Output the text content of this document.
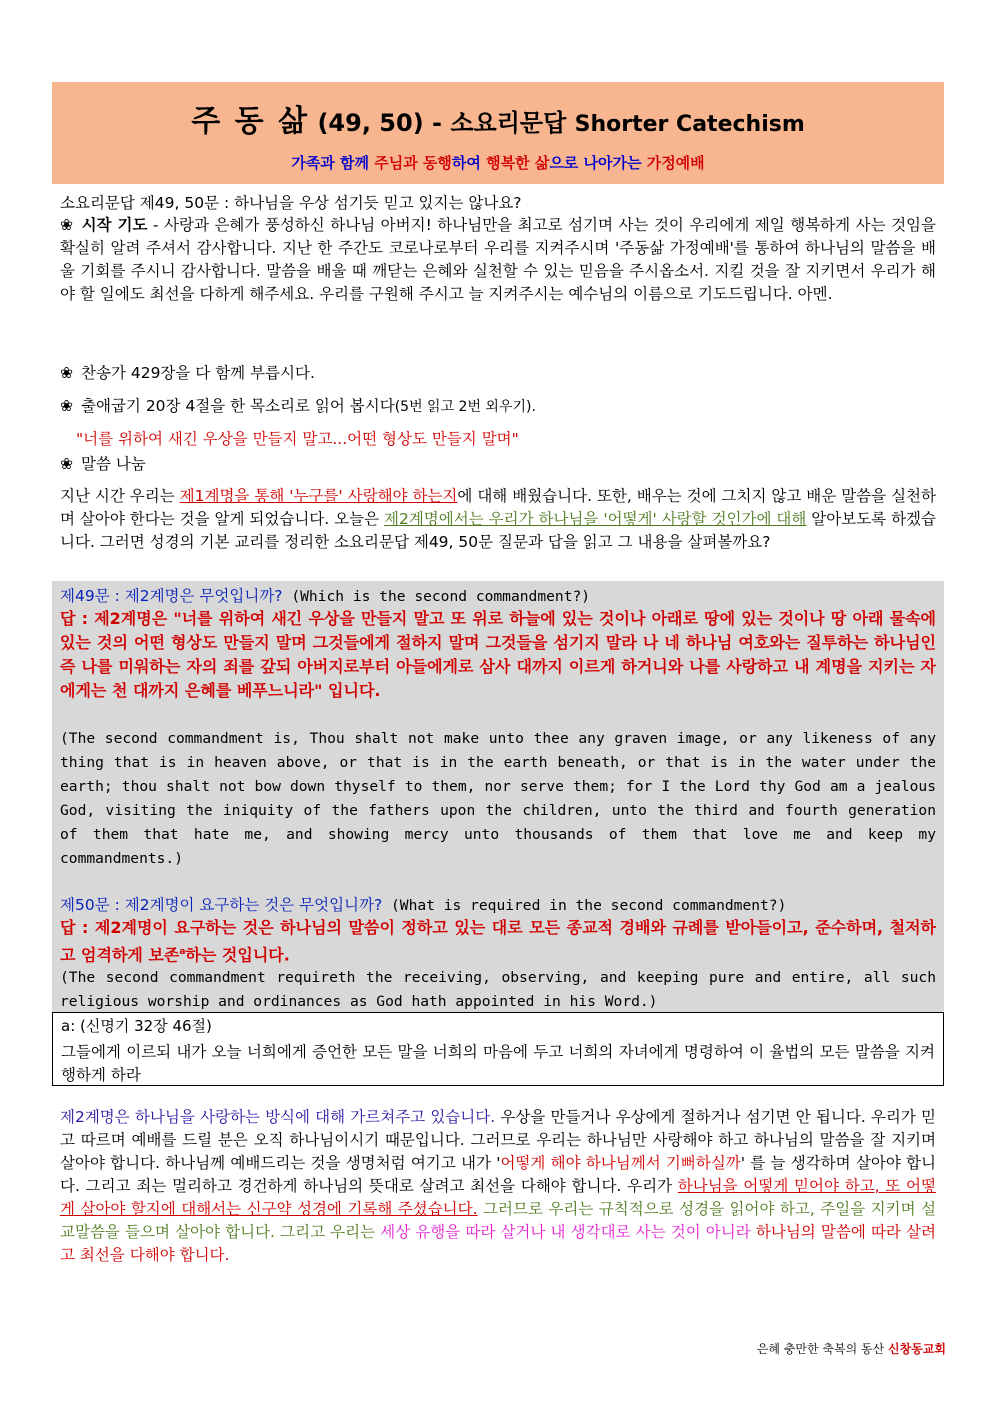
주 동 삶 (49, 50) - 소요리문답 Shorter Catechism
가족과 함께 주님과 동행하여 행복한 삶으로 나아가는 가정예배
소요리문답 제49, 50문 : 하나님을 우상 섬기듯 믿고 있지는 않나요?
❀ 시작 기도 - 사랑과 은혜가 풍성하신 하나님 아버지! 하나님만을 최고로 섬기며 사는 것이 우리에게 제일 행복하게 사는 것임을 확실히 알려 주셔서 감사합니다. 지난 한 주간도 코로나로부터 우리를 지켜주시며 '주동삶 가정예배'를 통하여 하나님의 말씀을 배울 기회를 주시니 감사합니다. 말씀을 배울 때 깨닫는 은혜와 실천할 수 있는 믿음을 주시옵소서. 지킬 것을 잘 지키면서 우리가 해야 할 일에도 최선을 다하게 해주세요. 우리를 구원해 주시고 늘 지켜주시는 예수님의 이름으로 기도드립니다. 아멘.
❀ 찬송가 429장을 다 함께 부릅시다.
❀ 출애굽기 20장 4절을 한 목소리로 읽어 봅시다(5번 읽고 2번 외우기).
"너를 위하여 새긴 우상을 만들지 말고...어떤 형상도 만들지 말며"
❀ 말씀 나눔
지난 시간 우리는 제1계명을 통해 '누구를' 사랑해야 하는지에 대해 배웠습니다. 또한, 배우는 것에 그치지 않고 배운 말씀을 실천하며 살아야 한다는 것을 알게 되었습니다. 오늘은 제2계명에서는 우리가 하나님을 '어떻게' 사랑할 것인가에 대해 알아보도록 하겠습니다. 그러면 성경의 기본 교리를 정리한 소요리문답 제49, 50문 질문과 답을 읽고 그 내용을 살펴볼까요?
제49문 : 제2계명은 무엇입니까? (Which is the second commandment?)
답 : 제2계명은 "너를 위하여 새긴 우상을 만들지 말고 또 위로 하늘에 있는 것이나 아래로 땅에 있는 것이나 땅 아래 물속에 있는 것의 어떤 형상도 만들지 말며 그것들에게 절하지 말며 그것들을 섬기지 말라 나 네 하나님 여호와는 질투하는 하나님인즉 나를 미워하는 자의 죄를 갚되 아버지로부터 아들에게로 삼사 대까지 이르게 하거니와 나를 사랑하고 내 계명을 지키는 자에게는 천 대까지 은혜를 베푸느니라" 입니다.
(The second commandment is, Thou shalt not make unto thee any graven image, or any likeness of any thing that is in heaven above, or that is in the earth beneath, or that is in the water under the earth; thou shalt not bow down thyself to them, nor serve them; for I the Lord thy God am a jealous God, visiting the iniquity of the fathers upon the children, unto the third and fourth generation of them that hate me, and showing mercy unto thousands of them that love me and keep my commandments.)
제50문 : 제2계명이 요구하는 것은 무엇입니까? (What is required in the second commandment?)
답 : 제2계명이 요구하는 것은 하나님의 말씀이 정하고 있는 대로 모든 종교적 경배와 규례를 받아들이고, 준수하며, 철저하고 엄격하게 보존$^a$하는 것입니다.
(The second commandment requireth the receiving, observing, and keeping pure and entire, all such religious worship and ordinances as God hath appointed in his Word.)
a: (신명기 32장 46절)
그들에게 이르되 내가 오늘 너희에게 증언한 모든 말을 너희의 마음에 두고 너희의 자녀에게 명령하여 이 율법의 모든 말씀을 지켜 행하게 하라
제2계명은 하나님을 사랑하는 방식에 대해 가르쳐주고 있습니다. 우상을 만들거나 우상에게 절하거나 섬기면 안 됩니다. 우리가 믿고 따르며 예배를 드릴 분은 오직 하나님이시기 때문입니다. 그러므로 우리는 하나님만 사랑해야 하고 하나님의 말씀을 잘 지키며 살아야 합니다. 하나님께 예배드리는 것을 생명처럼 여기고 내가 '어떻게 해야 하나님께서 기뻐하실까' 를 늘 생각하며 살아야 합니다. 그리고 죄는 멀리하고 경건하게 하나님의 뜻대로 살려고 최선을 다해야 합니다. 우리가 하나님을 어떻게 믿어야 하고, 또 어떻게 살아야 할지에 대해서는 신구약 성경에 기록해 주셨습니다. 그러므로 우리는 규칙적으로 성경을 읽어야 하고, 주일을 지키며 설교말씀을 들으며 살아야 합니다. 그리고 우리는 세상 유행을 따라 살거나 내 생각대로 사는 것이 아니라 하나님의 말씀에 따라 살려고 최선을 다해야 합니다.
은혜 충만한 축복의 동산 신창동교회
